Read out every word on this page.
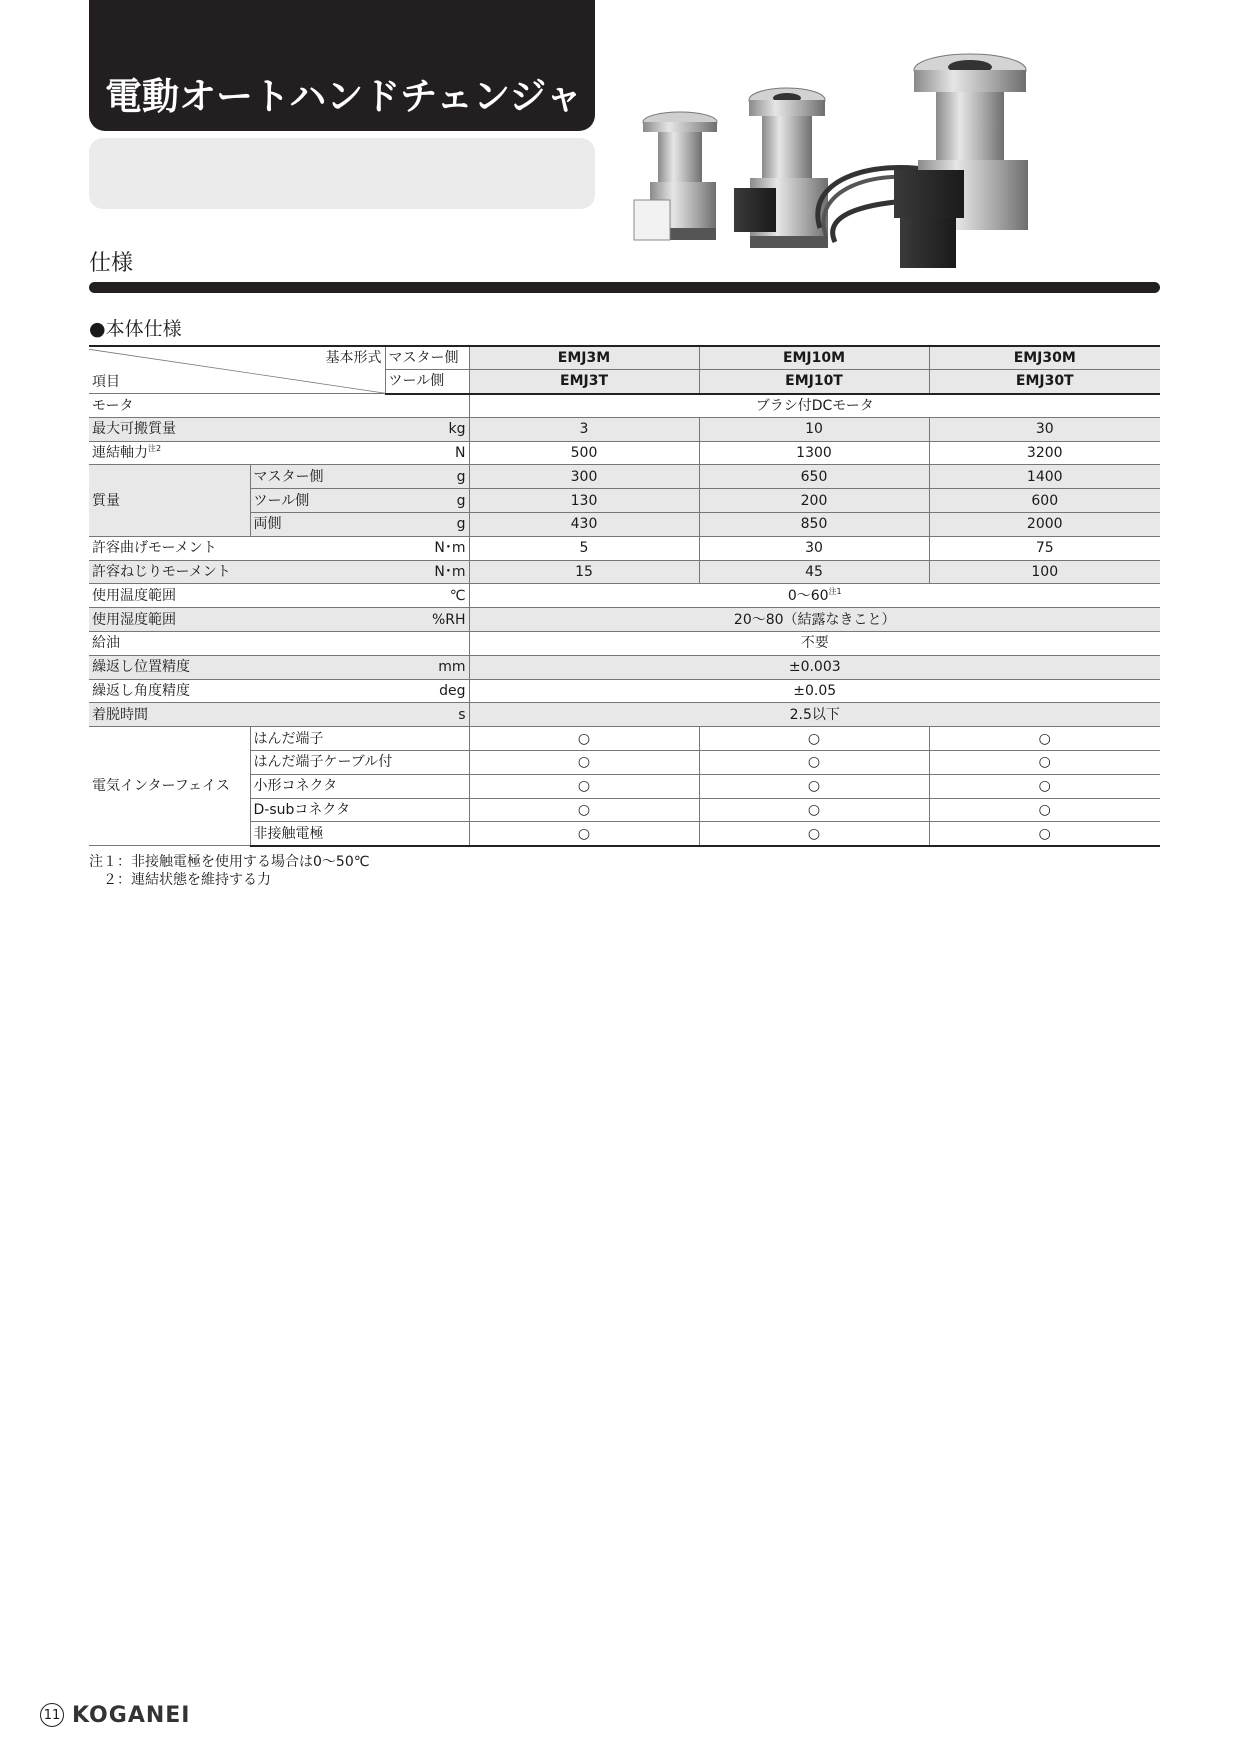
電動オートハンドチェンジャ
仕様
●本体仕様
基本形式
項目		マスター側	EMJ3M	EMJ10M	EMJ30M
		ツール側	EMJ3T	EMJ10T	EMJ30T
モータ			ブラシ付DCモータ		
最大可搬質量		kg	3	10	30
連結軸力$^{注2}$		N	500	1300	3200
質量	マスター側	g	300	650	1400
	ツール側	g	130	200	600
	両側	g	430	850	2000
許容曲げモーメント		N･m	5	30	75
許容ねじりモーメント		N･m	15	45	100
使用温度範囲		℃	0～60$^{注1}$
使用湿度範囲		%RH	20～80（結露なきこと）		
給油			不要		
繰返し位置精度		mm	±0.003		
繰返し角度精度		deg	±0.05		
着脱時間		s	2.5以下		
電気インターフェイス	はんだ端子		○	○	○
	はんだ端子ケーブル付		○	○	○
	小形コネクタ		○	○	○
	D-subコネクタ		○	○	○
	非接触電極		○	○	○
注１：非接触電極を使用する場合は0～50℃
　２：連結状態を維持する力
11 KOGANEI
